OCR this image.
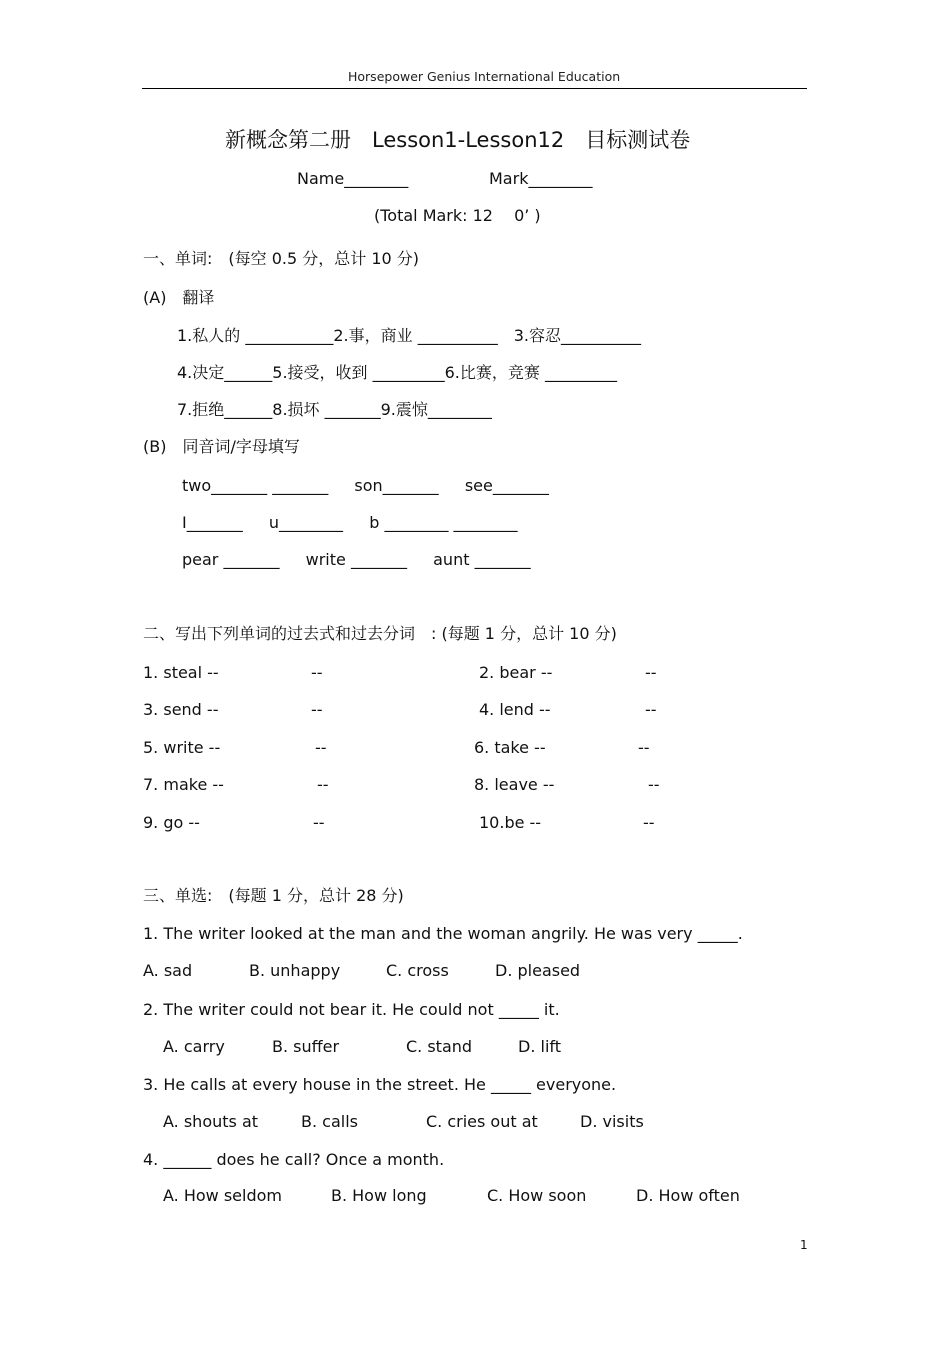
Horsepower Genius International Education
新概念第二册　Lesson1-Lesson12　目标测试卷
Name________	Mark________
(Total Mark: 12　 0’ )
一、单词:　(每空 0.5 分，总计 10 分)
(A)　翻译
1.私人的 ___________2.事，商业 __________　3.容忍__________
4.决定______5.接受，收到 _________6.比赛，竞赛 _________
7.拒绝______8.损坏 _______9.震惊________
(B)　同音词/字母填写
two_______ _______　  son_______　  see_______
I_______　  u________　  b ________ ________
pear _______　  write _______　  aunt _______
二、写出下列单词的过去式和过去分词　: (每题 1 分，总计 10 分)
1. steal --	--	2. bear --	--
3. send --	--	4. lend --	--
5. write --	--	6. take --	--
7. make --	--	8. leave --	--
9. go --	--	10.be --	--
三、单选:　(每题 1 分，总计 28 分)
1. The writer looked at the man and the woman angrily. He was very _____.
A. sad	B. unhappy	C. cross	D. pleased
2. The writer could not bear it. He could not _____ it.
A. carry	B. suffer	C. stand	D. lift
3. He calls at every house in the street. He _____ everyone.
A. shouts at	B. calls	C. cries out at	D. visits
4. ______ does he call? Once a month.
A. How seldom	B. How long	C. How soon	D. How often
1
